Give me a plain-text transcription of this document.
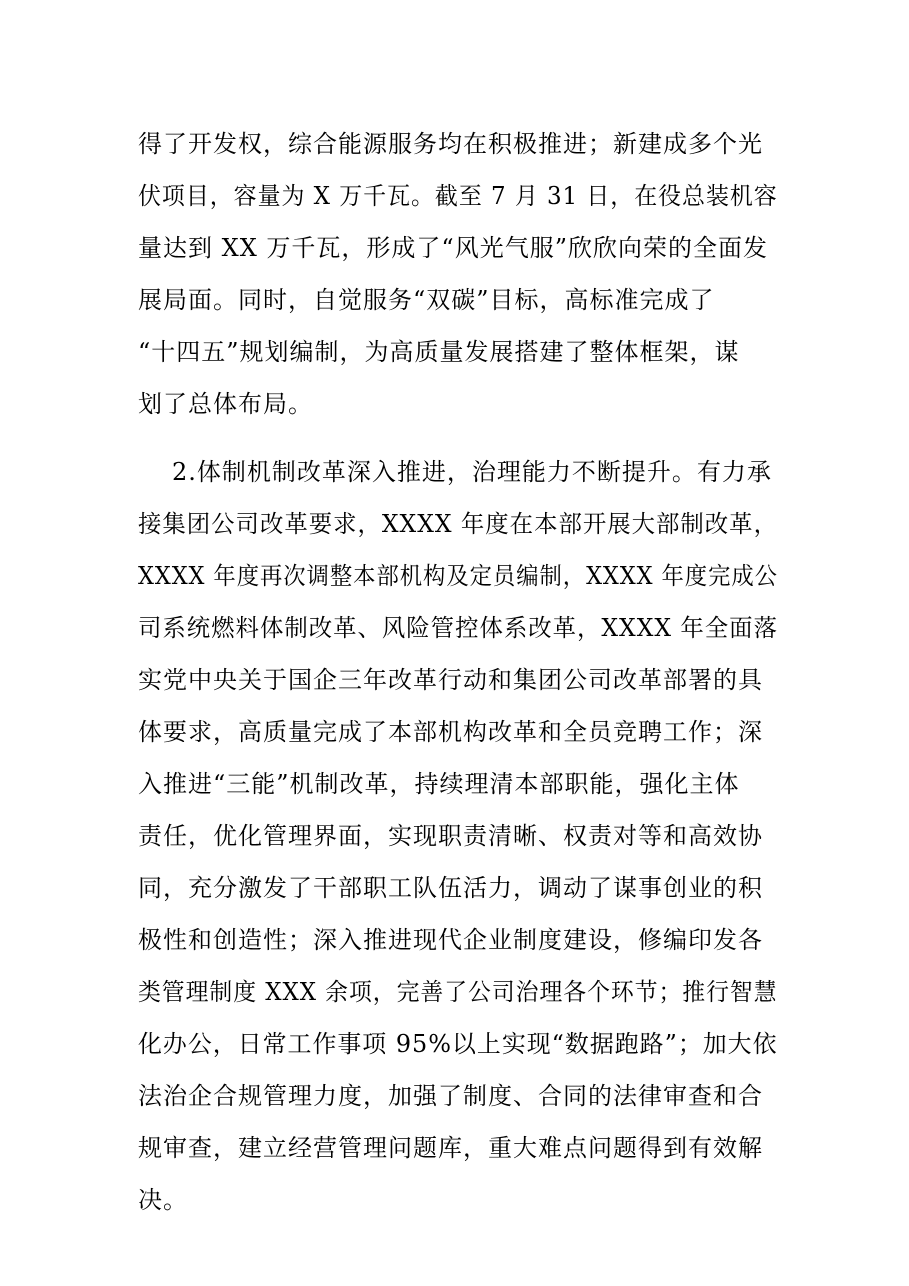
得了开发权，综合能源服务均在积极推进；新建成多个光
伏项目，容量为 X 万千瓦。截至 7 月 31 日，在役总装机容
量达到 XX 万千瓦，形成了“风光气服”欣欣向荣的全面发
展局面。同时，自觉服务“双碳”目标，高标准完成了
“十四五”规划编制，为高质量发展搭建了整体框架，谋
划了总体布局。
2.体制机制改革深入推进，治理能力不断提升。有力承
接集团公司改革要求，XXXX 年度在本部开展大部制改革，
XXXX 年度再次调整本部机构及定员编制，XXXX 年度完成公
司系统燃料体制改革、风险管控体系改革，XXXX 年全面落
实党中央关于国企三年改革行动和集团公司改革部署的具
体要求，高质量完成了本部机构改革和全员竞聘工作；深
入推进“三能”机制改革，持续理清本部职能，强化主体
责任，优化管理界面，实现职责清晰、权责对等和高效协
同，充分激发了干部职工队伍活力，调动了谋事创业的积
极性和创造性；深入推进现代企业制度建设，修编印发各
类管理制度 XXX 余项，完善了公司治理各个环节；推行智慧
化办公，日常工作事项 95%以上实现“数据跑路”；加大依
法治企合规管理力度，加强了制度、合同的法律审查和合
规审查，建立经营管理问题库，重大难点问题得到有效解
决。
